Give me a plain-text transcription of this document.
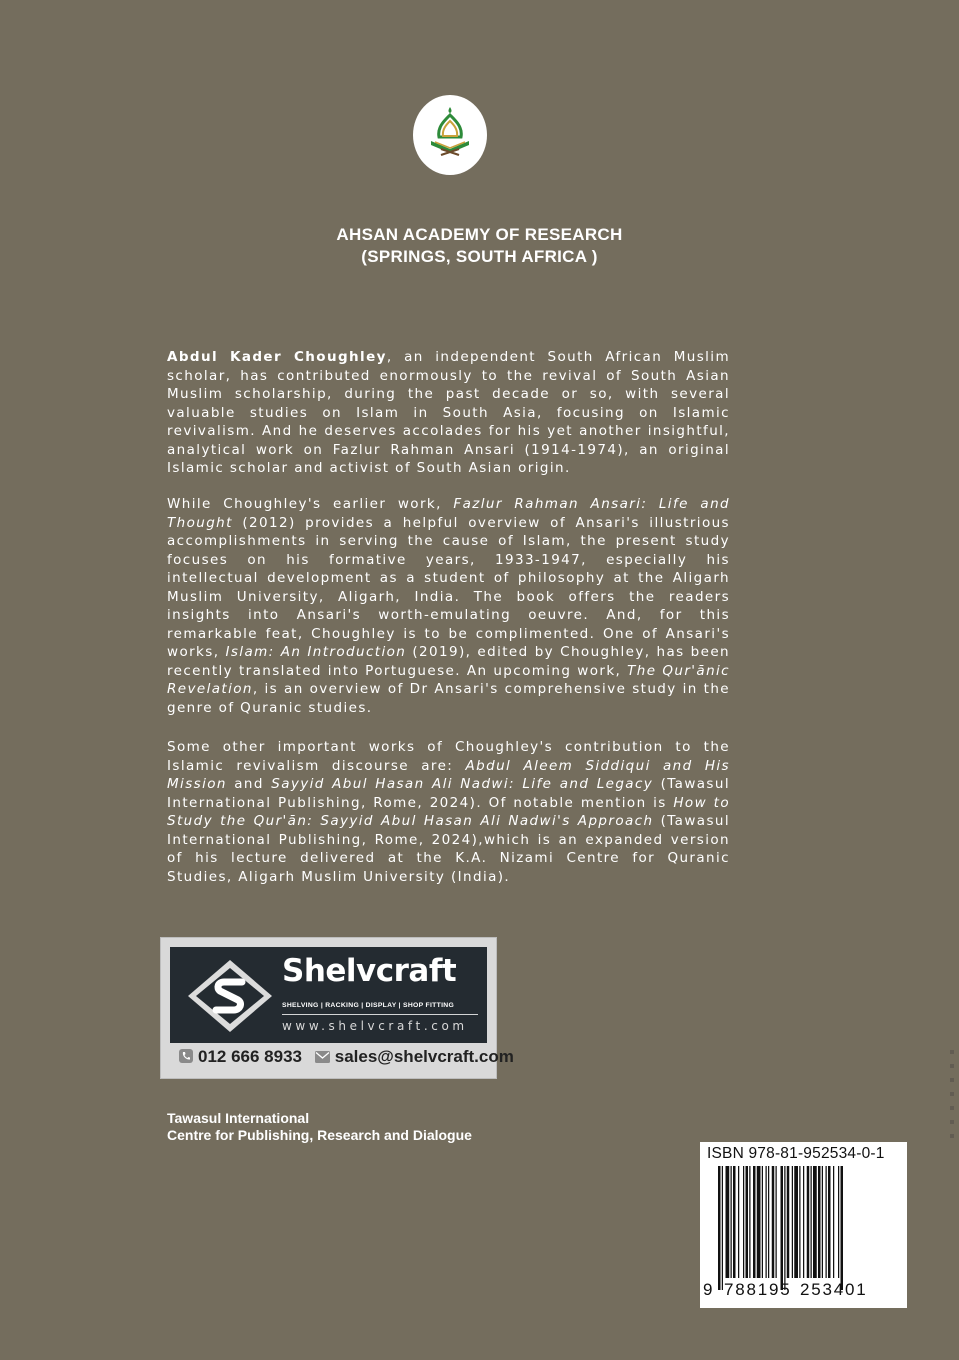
AHSAN ACADEMY OF RESEARCH
(SPRINGS, SOUTH AFRICA )

Abdul Kader Choughley, an independent South African Muslim scholar, has contributed enormously to the revival of South Asian Muslim scholarship, during the past decade or so, with several valuable studies on Islam in South Asia, focusing on Islamic revivalism. And he deserves accolades for his yet another insightful, analytical work on Fazlur Rahman Ansari (1914-1974), an original Islamic scholar and activist of South Asian origin.

While Choughley's earlier work, Fazlur Rahman Ansari: Life and Thought (2012) provides a helpful overview of Ansari's illustrious accomplishments in serving the cause of Islam, the present study focuses on his formative years, 1933-1947, especially his intellectual development as a student of philosophy at the Aligarh Muslim University, Aligarh, India. The book offers the readers insights into Ansari's worth-emulating oeuvre. And, for this remarkable feat, Choughley is to be complimented. One of Ansari's works, Islam: An Introduction (2019), edited by Choughley, has been recently translated into Portuguese. An upcoming work, The Qur'ānic Revelation, is an overview of Dr Ansari's comprehensive study in the genre of Quranic studies.

Some other important works of Choughley's contribution to the Islamic revivalism discourse are: Abdul Aleem Siddiqui and His Mission and Sayyid Abul Hasan Ali Nadwi: Life and Legacy (Tawasul International Publishing, Rome, 2024). Of notable mention is How to Study the Qur'ān: Sayyid Abul Hasan Ali Nadwi's Approach (Tawasul International Publishing, Rome, 2024),which is an expanded version of his lecture delivered at the K.A. Nizami Centre for Quranic Studies, Aligarh Muslim University (India).

Shelvcraft
SHELVING | RACKING | DISPLAY | SHOP FITTING
www.shelvcraft.com
012 666 8933 sales@shelvcraft.com
Tawasul International
Centre for Publishing, Research and Dialogue
ISBN 978-81-952534-0-1
9 788195 253401
